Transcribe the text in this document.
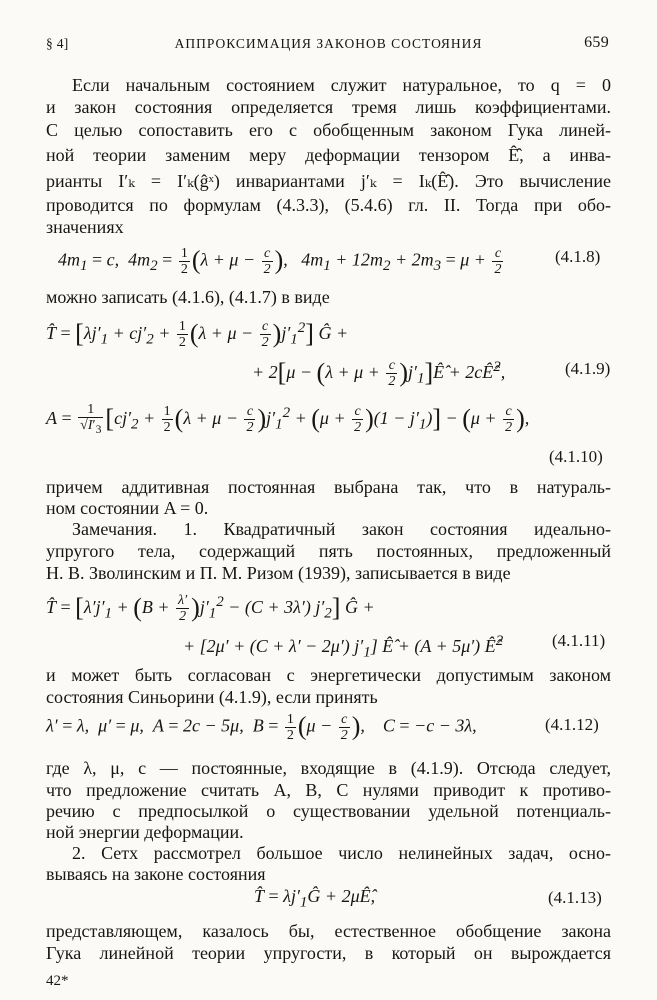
§ 4]	АППРОКСИМАЦИЯ ЗАКОНОВ СОСТОЯНИЯ	659
Если начальным состоянием служит натуральное, то q = 0
и закон состояния определяется тремя лишь коэффициентами.
С целью сопоставить его с обобщенным законом Гука линей-
ной теории заменим меру деформации тензором Ê̂, а инва-
рианты I′ₖ = I′ₖ(ĝˣ) инвариантами j′ₖ = Iₖ(Ê̂). Это вычисление
проводится по формулам (4.3.3), (5.4.6) гл. II. Тогда при обо-
значениях
$4m_1 = c$,  $4m_2 = \frac{1}{2} (\lambda + \mu - \frac{c}{2}$ ),   $4m_1 + 12m_2 + 2m_3 = \mu + \frac{c}{2}$	(4.1.8)
можно записать (4.1.6), (4.1.7) в виде
T̂ = $[\lambda j'_1 + cj'_2 + \frac{1}{2} (\lambda + \mu - \frac{c}{2} )j'_1^2]$ Ĝ +
+ $2[\mu - (\lambda + \mu + \frac{c}{2}$ )$j'_1]Ê̂$ + 2cÊ̂$^2$,	(4.1.9)
$A = \frac{1}{√I'_3} [cj'_2 + \frac{1}{2} (\lambda + \mu - \frac{c}{2} )j'_1^2 + (\mu + \frac{c}{2} )(1 - j'_1)] - (\mu + \frac{c}{2}$ ),
(4.1.10)
причем аддитивная постоянная выбрана так, что в натураль-
ном состоянии A = 0.
Замечания. 1. Квадратичный закон состояния идеально-
упругого тела, содержащий пять постоянных, предложенный
Н. В. Зволинским и П. М. Ризом (1939), записывается в виде
T̂ = [$\lambda'j'_1 + (B + \frac{\lambda'}{2} )j'_1^2 - (C + 3\lambda')$ $j'_2$] Ĝ +
+ [2μ′ + (C + λ′ − 2μ′) $j'_1$] Ê̂ + (A + 5μ′) Ê̂$^2$	(4.1.11)
и может быть согласован с энергетически допустимым законом
состояния Синьорини (4.1.9), если принять
λ′ = λ,  μ′ = μ,  A = 2c − 5μ,  $B = \frac{1}{2} (\mu - \frac{c}{2}$ ),    C = −c − 3λ,	(4.1.12)
где λ, μ, c — постоянные, входящие в (4.1.9). Отсюда следует,
что предложение считать A, B, C нулями приводит к противо-
речию с предпосылкой о существовании удельной потенциаль-
ной энергии деформации.
2. Сетх рассмотрел большое число нелинейных задач, осно-
вываясь на законе состояния
T̂ = $\lambda j'_1Ĝ$ + 2μÊ̂,	(4.1.13)
представляющем, казалось бы, естественное обобщение закона
Гука линейной теории упругости, в который он вырождается
42*
